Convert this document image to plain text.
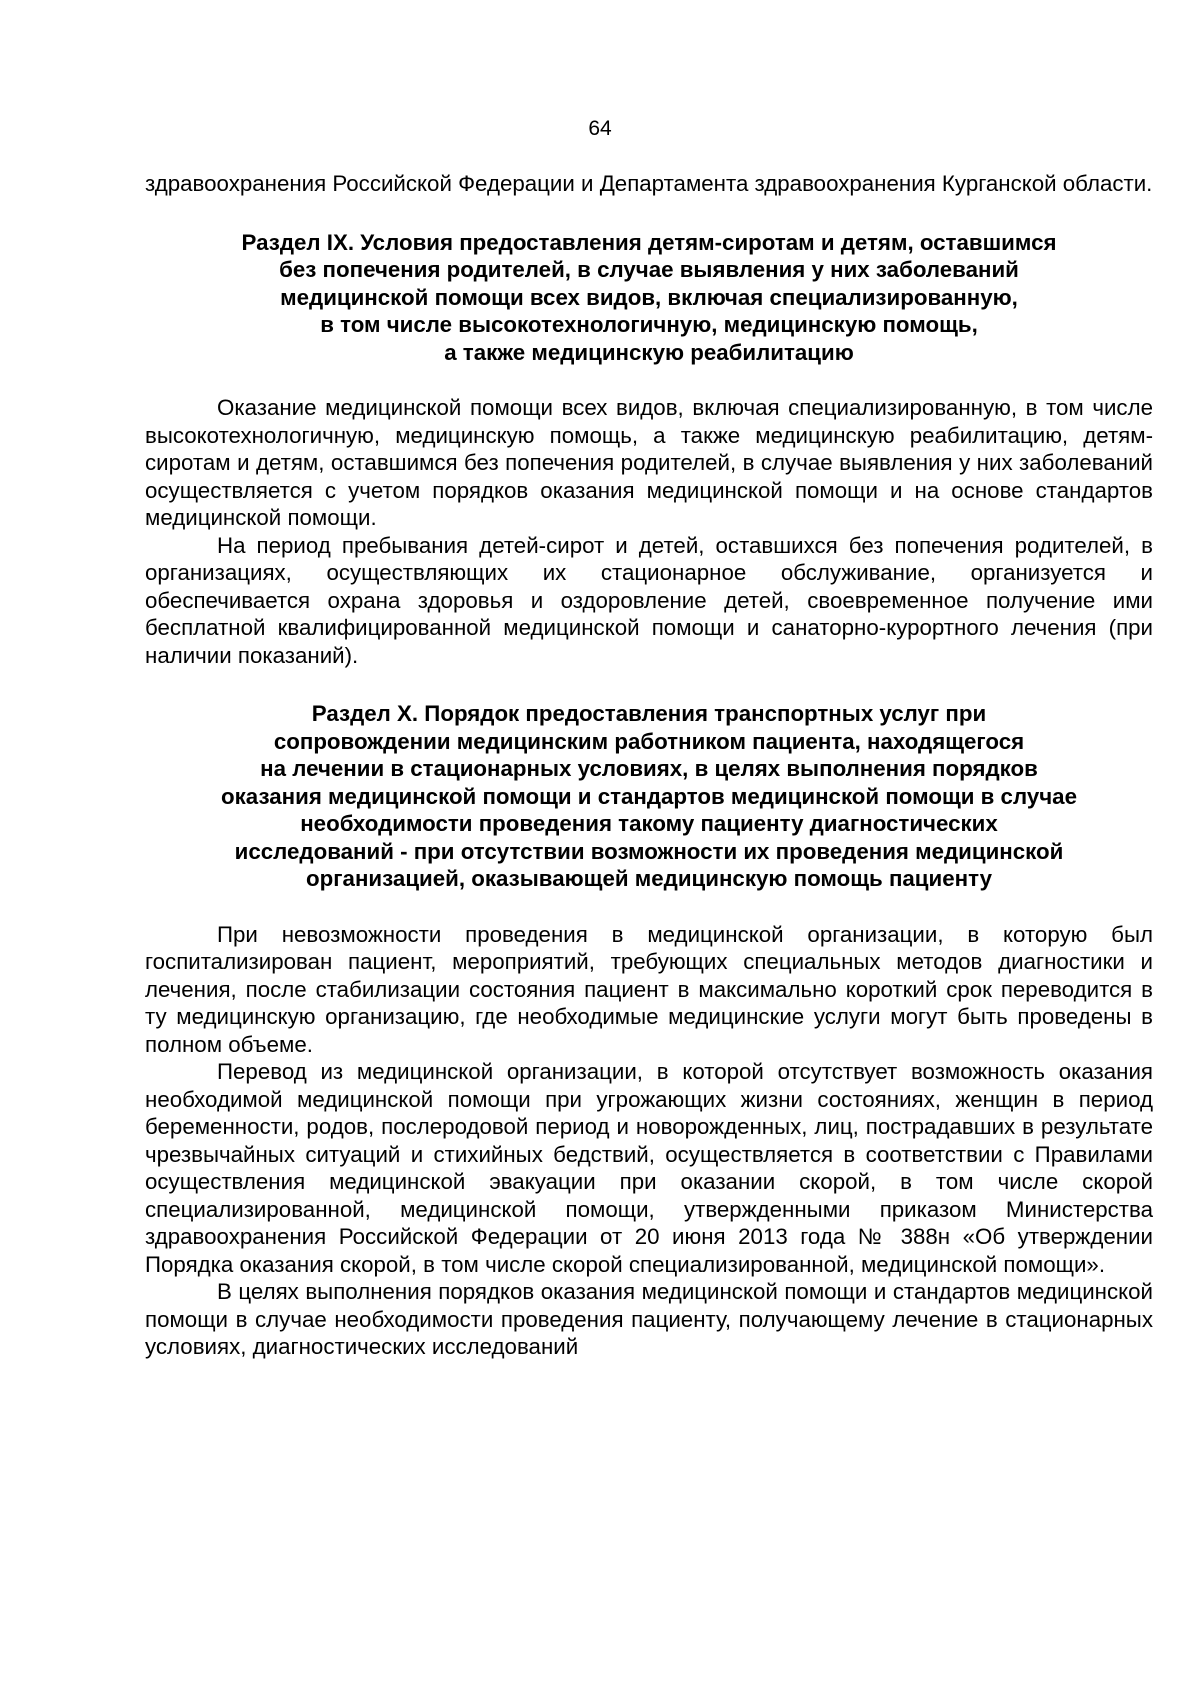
64

здравоохранения Российской Федерации и Департамента здравоохранения Курганской области.

Раздел IX. Условия предоставления детям-сиротам и детям, оставшимся
без попечения родителей, в случае выявления у них заболеваний
медицинской помощи всех видов, включая специализированную,
в том числе высокотехнологичную, медицинскую помощь,
а также медицинскую реабилитацию

Оказание медицинской помощи всех видов, включая специализированную, в том числе высокотехнологичную, медицинскую помощь, а также медицинскую реабилитацию, детям-сиротам и детям, оставшимся без попечения родителей, в случае выявления у них заболеваний осуществляется с учетом порядков оказания медицинской помощи и на основе стандартов медицинской помощи.

На период пребывания детей-сирот и детей, оставшихся без попечения родителей, в организациях, осуществляющих их стационарное обслуживание, организуется и обеспечивается охрана здоровья и оздоровление детей, своевременное получение ими бесплатной квалифицированной медицинской помощи и санаторно-курортного лечения (при наличии показаний).

Раздел X. Порядок предоставления транспортных услуг при
сопровождении медицинским работником пациента, находящегося
на лечении в стационарных условиях, в целях выполнения порядков
оказания медицинской помощи и стандартов медицинской помощи в случае
необходимости проведения такому пациенту диагностических
исследований - при отсутствии возможности их проведения медицинской
организацией, оказывающей медицинскую помощь пациенту

При невозможности проведения в медицинской организации, в которую был госпитализирован пациент, мероприятий, требующих специальных методов диагностики и лечения, после стабилизации состояния пациент в максимально короткий срок переводится в ту медицинскую организацию, где необходимые медицинские услуги могут быть проведены в полном объеме.

Перевод из медицинской организации, в которой отсутствует возможность оказания необходимой медицинской помощи при угрожающих жизни состояниях, женщин в период беременности, родов, послеродовой период и новорожденных, лиц, пострадавших в результате чрезвычайных ситуаций и стихийных бедствий, осуществляется в соответствии с Правилами осуществления медицинской эвакуации при оказании скорой, в том числе скорой специализированной, медицинской помощи, утвержденными приказом Министерства здравоохранения Российской Федерации от 20 июня 2013 года № 388н «Об утверждении Порядка оказания скорой, в том числе скорой специализированной, медицинской помощи».

В целях выполнения порядков оказания медицинской помощи и стандартов медицинской помощи в случае необходимости проведения пациенту, получающему лечение в стационарных условиях, диагностических исследований
